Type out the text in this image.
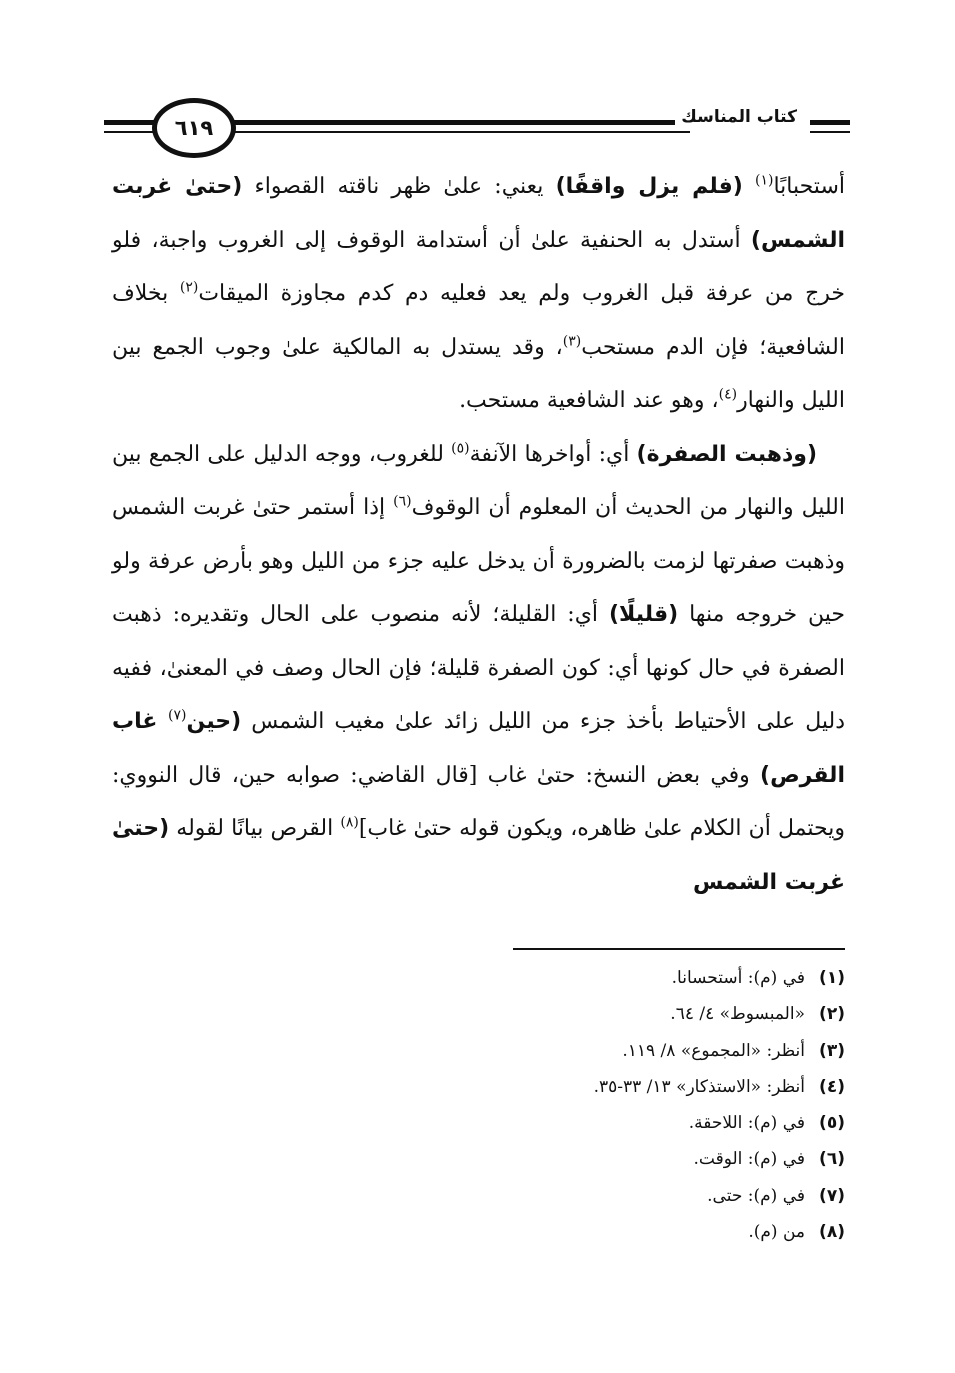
٦١٩	كتاب المناسك

أستحبابًا$^{(١)}$ (فلم يزل واقفًا) يعني: علىٰ ظهر ناقته القصواء (حتىٰ غربت الشمس) أستدل به الحنفية علىٰ أن أستدامة الوقوف إلى الغروب واجبة، فلو خرج من عرفة قبل الغروب ولم يعد فعليه دم كدم مجاوزة الميقات$^{(٢)}$ بخلاف الشافعية؛ فإن الدم مستحب$^{(٣)}$، وقد يستدل به المالكية علىٰ وجوب الجمع بين الليل والنهار$^{(٤)}$، وهو عند الشافعية مستحب.

(وذهبت الصفرة) أي: أواخرها الآنفة$^{(٥)}$ للغروب، ووجه الدليل على الجمع بين الليل والنهار من الحديث أن المعلوم أن الوقوف$^{(٦)}$ إذا أستمر حتىٰ غربت الشمس وذهبت صفرتها لزمت بالضرورة أن يدخل عليه جزء من الليل وهو بأرض عرفة ولو حين خروجه منها (قليلًا) أي: القليلة؛ لأنه منصوب على الحال وتقديره: ذهبت الصفرة في حال كونها أي: كون الصفرة قليلة؛ فإن الحال وصف في المعنىٰ، ففيه دليل على الأحتياط بأخذ جزء من الليل زائد علىٰ مغيب الشمس (حين$^{(٧)}$ غاب القرص) وفي بعض النسخ: حتىٰ غاب [قال القاضي: صوابه حين، قال النووي: ويحتمل أن الكلام علىٰ ظاهره، ويكون قوله حتىٰ غاب]$^{(٨)}$ القرص بيانًا لقوله (حتىٰ غربت الشمس

(١)في (م): أستحسانا.
(٢)«المبسوط» ٤/ ٦٤.
(٣)أنظر: «المجموع» ٨/ ١١٩.
(٤)أنظر: «الاستذكار» ١٣/ ٣٣-٣٥.
(٥)في (م): اللاحقة.
(٦)في (م): الوقت.
(٧)في (م): حتى.
(٨)من (م).
